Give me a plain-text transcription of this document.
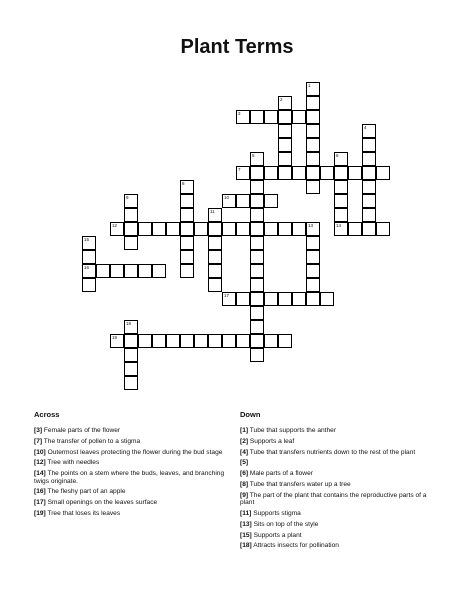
Plant Terms
3
7
10
12	14
16
17
19
1
2
4
5	6
8
9
11
13
15
18
Across	Down
[3] Female parts of the flower
[7] The transfer of pollen to a stigma
[10] Outermost leaves protecting the flower during the bud stage
[12] Tree with needles
[14] The points on a stem where the buds, leaves, and branching twigs originate.
[16] The fleshy part of an apple
[17] Small openings on the leaves surface
[19] Tree that loses its leaves
[1] Tube that supports the anther
[2] Supports a leaf
[4] Tube that transfers nutrients down to the rest of the plant
[5]
[6] Male parts of a flower
[8] Tube that transfers water up a tree
[9] The part of the plant that contains the reproductive parts of a plant
[11] Supports stigma
[13] Sits on top of the style
[15] Supports a plant
[18] Attracts insects for pollination
